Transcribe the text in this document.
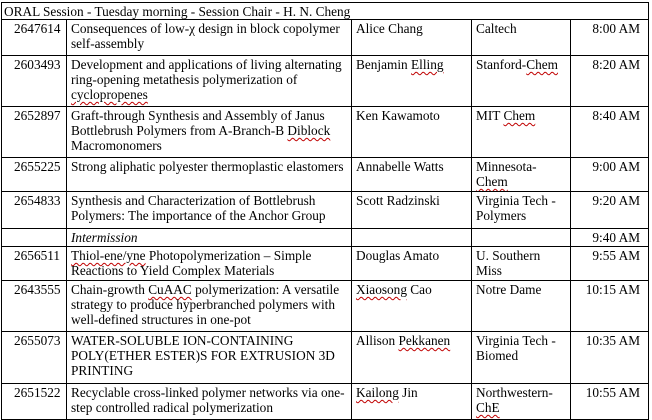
ORAL Session - Tuesday morning - Session Chair - H. N. Cheng				
2647614	Consequences of low-χ design in block copolymer self-assembly	Alice Chang	Caltech	8:00 AM
2603493	Development and applications of living alternating ring-opening metathesis polymerization of cyclopropenes	Benjamin Elling	Stanford-Chem	8:20 AM
2652897	Graft-through Synthesis and Assembly of Janus Bottlebrush Polymers from A-Branch-B Diblock Macromonomers	Ken Kawamoto	MIT Chem	8:40 AM
2655225	Strong aliphatic polyester thermoplastic elastomers	Annabelle Watts	Minnesota-Chem	9:00 AM
2654833	Synthesis and Characterization of Bottlebrush Polymers: The importance of the Anchor Group	Scott Radzinski	Virginia Tech - Polymers	9:20 AM
	Intermission			9:40 AM
2656511	Thiol-ene/yne Photopolymerization – Simple Reactions to Yield Complex Materials	Douglas Amato	U. Southern Miss	9:55 AM
2643555	Chain-growth CuAAC polymerization: A versatile strategy to produce hyperbranched polymers with well-defined structures in one-pot	Xiaosong Cao	Notre Dame	10:15 AM
2655073	WATER-SOLUBLE ION-CONTAINING POLY(ETHER ESTER)S FOR EXTRUSION 3D PRINTING	Allison Pekkanen	Virginia Tech - Biomed	10:35 AM
2651522	Recyclable cross-linked polymer networks via one-step controlled radical polymerization	Kailong Jin	Northwestern-ChE	10:55 AM
